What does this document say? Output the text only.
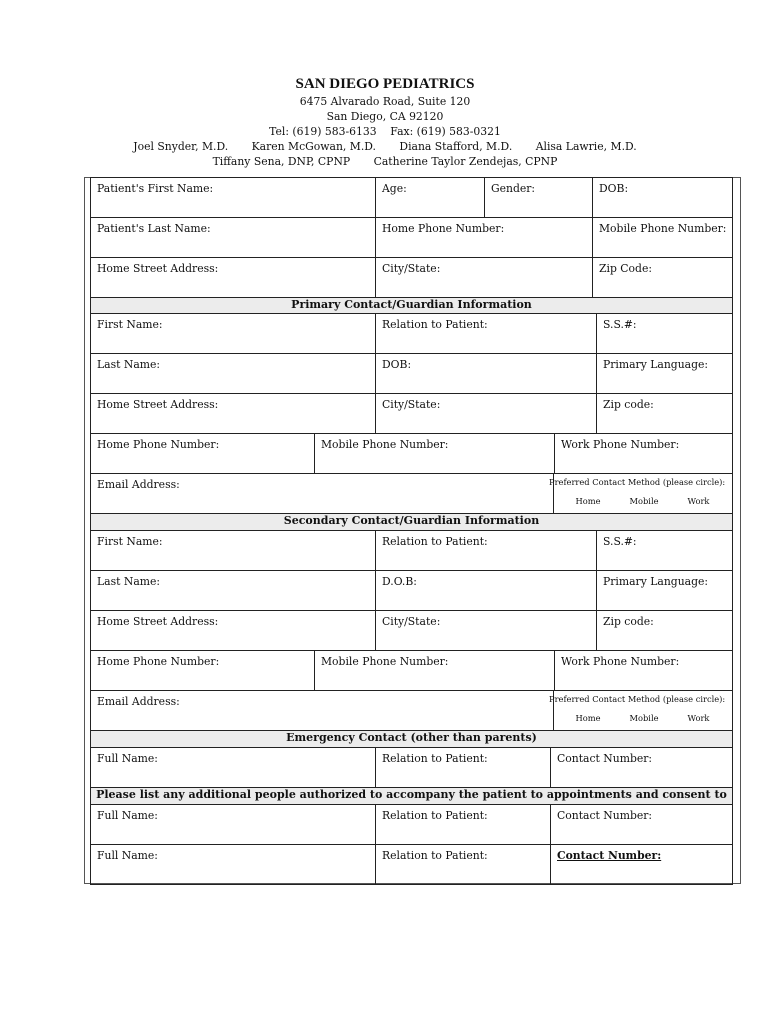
SAN DIEGO PEDIATRICS
6475 Alvarado Road, Suite 120
San Diego, CA 92120
Tel: (619) 583-6133    Fax: (619) 583-0321
Joel Snyder, M.D. Karen McGowan, M.D. Diana Stafford, M.D. Alisa Lawrie, M.D.
Tiffany Sena, DNP, CPNP Catherine Taylor Zendejas, CPNP
Patient's First Name:	Age:	Gender:	DOB:
Patient's Last Name:	Home Phone Number:	Mobile Phone Number:
Home Street Address:	City/State:	Zip Code:
Primary Contact/Guardian Information
First Name:	Relation to Patient:	S.S.#:
Last Name:	DOB:	Primary Language:
Home Street Address:	City/State:	Zip code:
Home Phone Number:	Mobile Phone Number:	Work Phone Number:
Email Address:	Preferred Contact Method (please circle):
Home	Mobile	Work
Secondary Contact/Guardian Information
First Name:	Relation to Patient:	S.S.#:
Last Name:	D.O.B:	Primary Language:
Home Street Address:	City/State:	Zip code:
Home Phone Number:	Mobile Phone Number:	Work Phone Number:
Email Address:	Preferred Contact Method (please circle):
Home	Mobile	Work
Emergency Contact (other than parents)
Full Name:	Relation to Patient:	Contact Number:
Please list any additional people authorized to accompany the patient to appointments and consent to
Full Name:	Relation to Patient:	Contact Number:
Full Name:	Relation to Patient:	Contact Number:
